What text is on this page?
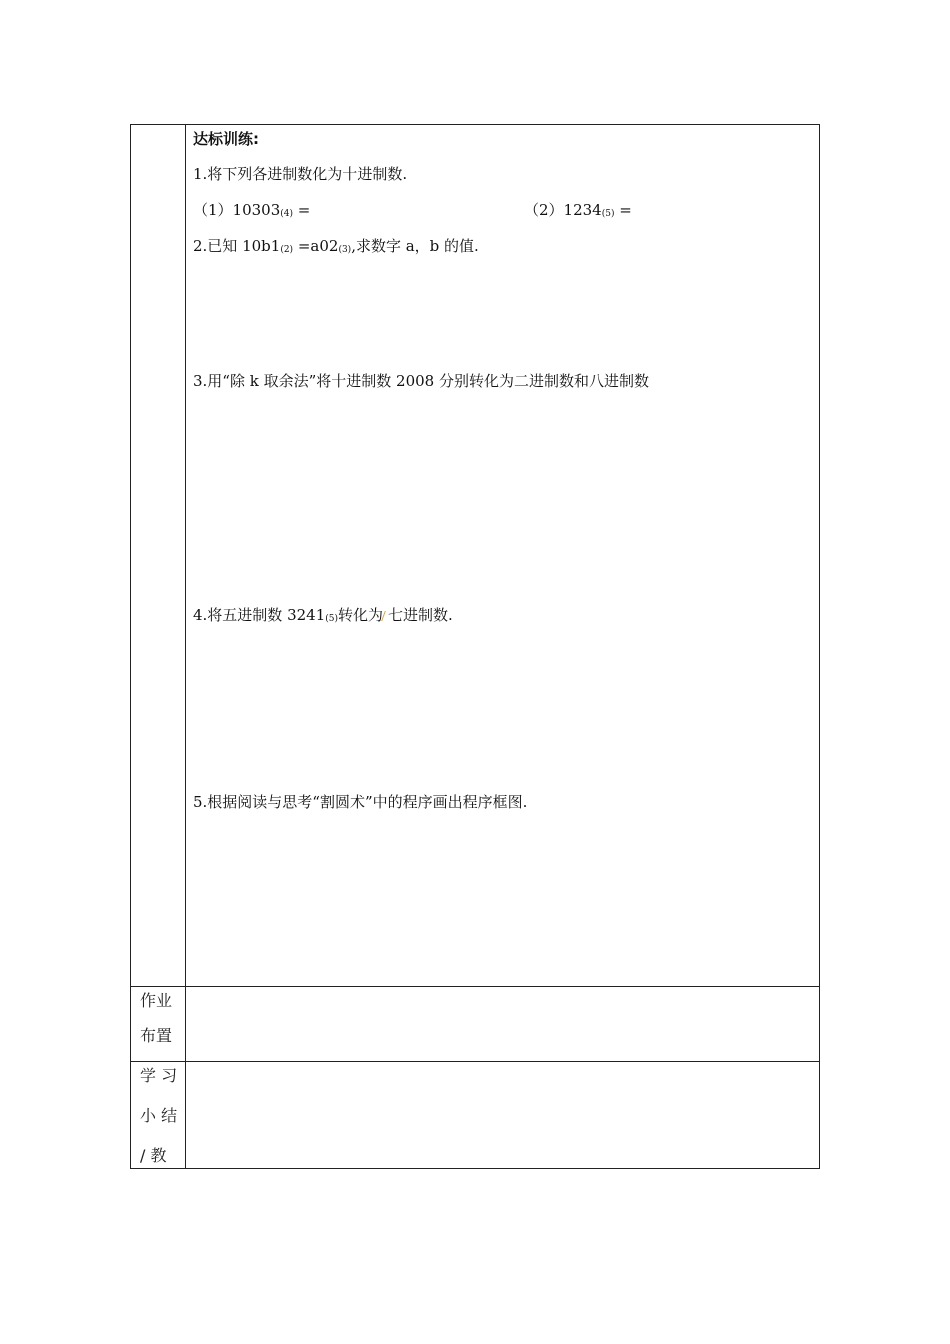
达标训练:
1.将下列各进制数化为十进制数.
（1）10303(4) =	（2）1234(5) =
2.已知 10b1(2) =a02(3),求数字 a，b 的值.
3.用“除 k 取余法”将十进制数 2008 分别转化为二进制数和八进制数
4.将五进制数 3241(5)转化为 七进制数.
5.根据阅读与思考“割圆术”中的程序画出程序框图.
作业
布置
学 习
小 结
/ 教
